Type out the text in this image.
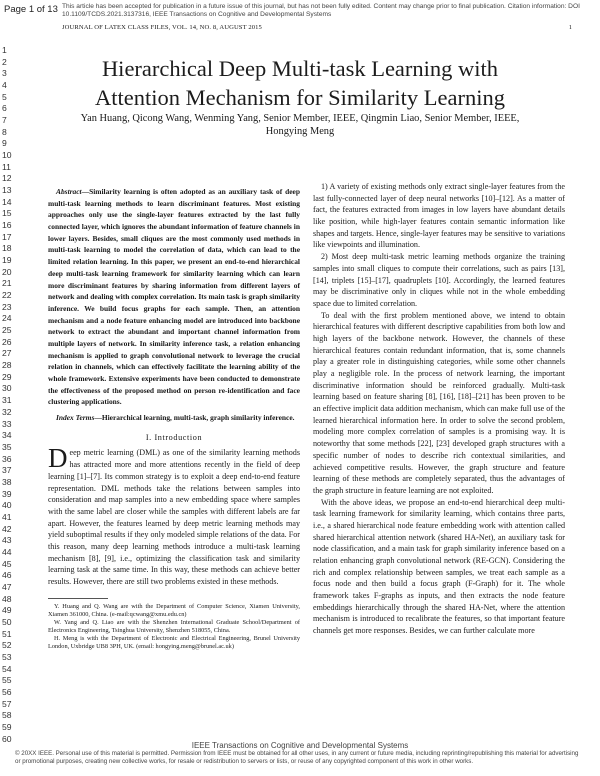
Page 1 of 13 This article has been accepted for publication in a future issue of this journal, but has not been fully edited. Content may change prior to final publication. Citation information: DOI 10.1109/TCDS.2021.3137316, IEEE Transactions on Cognitive and Developmental Systems
JOURNAL OF LATEX CLASS FILES, VOL. 14, NO. 8, AUGUST 2015	1
1
2
3
4
5
6
7
8
9
10
11
12
13
14
15
16
17
18
19
20
21
22
23
24
25
26
27
28
29
30
31
32
33
34
35
36
37
38
39
40
41
42
43
44
45
46
47
48
49
50
51
52
53
54
55
56
57
58
59
60
Hierarchical Deep Multi-task Learning with
Attention Mechanism for Similarity Learning
Yan Huang, Qicong Wang, Wenming Yang, Senior Member, IEEE, Qingmin Liao, Senior Member, IEEE,
Hongying Meng

Abstract—Similarity learning is often adopted as an auxiliary task of deep multi-task learning methods to learn discriminant features. Most existing approaches only use the single-layer features extracted by the last fully connected layer, which ignores the abundant information of feature channels in lower layers. Besides, small cliques are the most commonly used methods in multi-task learning to model the correlation of data, which can lead to the limited relation learning. In this paper, we present an end-to-end hierarchical deep multi-task learning framework for similarity learning which can learn more discriminant features by sharing information from different layers of network and dealing with complex correlation. Its main task is graph similarity inference. We build focus graphs for each sample. Then, an attention mechanism and a node feature enhancing model are introduced into backbone network to extract the abundant and important channel information from multiple layers of network. In similarity inference task, a relation enhancing mechanism is applied to graph convolutional network to leverage the crucial relation in channels, which can effectively facilitate the learning ability of the whole framework. Extensive experiments have been conducted to demonstrate the effectiveness of the proposed method on person re-identification and face clustering applications.

Index Terms—Hierarchical learning, multi-task, graph similarity inference.

I. Introduction

Deep metric learning (DML) as one of the similarity learning methods has attracted more and more attentions recently in the field of deep learning [1]–[7]. Its common strategy is to exploit a deep end-to-end feature representation. DML methods take the relations between samples into consideration and map samples into a new embedding space where samples with the same label are closer while the samples with different labels are far apart. However, the features learned by deep metric learning methods may yield suboptimal results if they only modeled simple relations of the data. For this reason, many deep learning methods introduce a multi-task learning mechanism [8], [9], i.e., optimizing the classification task and similarity learning task at the same time. In this way, these methods can achieve better results. However, there are still two problems existed in these methods.

Y. Huang and Q. Wang are with the Department of Computer Science, Xiamen University, Xiamen 361000, China. (e-mail:qcwang@xmu.edu.cn)

W. Yang and Q. Liao are with the Shenzhen International Graduate School/Department of Electronics Engineering, Tsinghua University, Shenzhen 518055, China.

H. Meng is with the Department of Electronic and Electrical Engineering, Brunel University London, Uxbridge UB8 3PH, UK. (email: hongying.meng@brunel.ac.uk)

1) A variety of existing methods only extract single-layer features from the last fully-connected layer of deep neural networks [10]–[12]. As a matter of fact, the features extracted from images in low layers have abundant details like position, while high-layer features contain semantic information like shapes and targets. Hence, single-layer features may be sensitive to variations like viewpoints and illumination.

2) Most deep multi-task metric learning methods organize the training samples into small cliques to compute their correlations, such as pairs [13], [14], triplets [15]–[17], quadruplets [10]. Accordingly, the learned features may be discriminative only in cliques while not in the whole embedding space due to limited correlation.

To deal with the first problem mentioned above, we intend to obtain hierarchical features with different descriptive capabilities from both low and high layers of the backbone network. However, the channels of these hierarchical features contain redundant information, that is, some channels play a greater role in distinguishing categories, while some other channels play a negligible role. In the process of network learning, the important discriminative information should be reinforced gradually. Multi-task learning based on feature sharing [8], [16], [18]–[21] has been proven to be an effective implicit data addition mechanism, which can make full use of the learned hierarchical information here. In order to solve the second problem, modeling more complex correlation of samples is a promising way. It is noteworthy that some methods [22], [23] developed graph structures with a specific number of nodes to describe rich contextual similarities, and achieved competitive results. However, the graph structure and feature learning of these methods are completely separated, thus the advantages of the graph structure in feature learning are not exploited.

With the above ideas, we propose an end-to-end hierarchical deep multi-task learning framework for similarity learning, which contains three parts, i.e., a shared hierarchical node feature embedding work with attention called shared hierarchical attention network (shared HA-Net), an auxiliary task for node classification, and a main task for graph similarity inference based on a relation enhancing graph convolutional network (RE-GCN). Considering the rich and complex relationship between samples, we treat each sample as a focus node and then build a focus graph (F-Graph) for it. The whole framework takes F-graphs as inputs, and then extracts the node feature embeddings hierarchically through the shared HA-Net, where the attention mechanism is introduced to recalibrate the features, so that important feature channels get more responses. Besides, we can further calculate more

IEEE Transactions on Cognitive and Developmental Systems
© 20XX IEEE. Personal use of this material is permitted. Permission from IEEE must be obtained for all other uses, in any current or future media, including reprinting/republishing this material for advertising or promotional purposes, creating new collective works, for resale or redistribution to servers or lists, or reuse of any copyrighted component of this work in other works.
